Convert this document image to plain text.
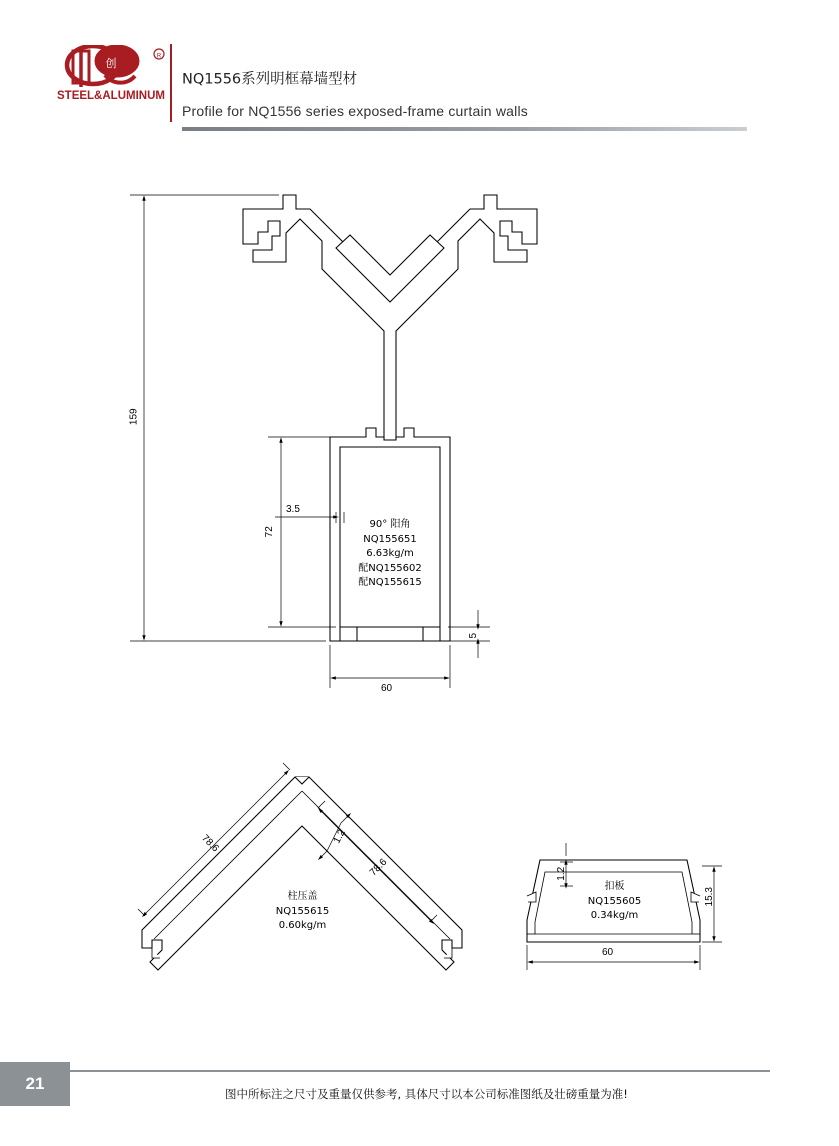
创
R
STEEL&ALUMINUM
NQ1556系列明框幕墙型材
Profile for NQ1556 series exposed-frame curtain walls
159
72
3.5
5
60
90° 阳角
NQ155651
6.63kg/m
配NQ155602
配NQ155615
78.6
78.6
1.2
柱压盖
NQ155615
0.60kg/m
1.2
15.3
60
扣板
NQ155605
0.34kg/m
21
图中所标注之尺寸及重量仅供参考, 具体尺寸以本公司标准图纸及壮磅重量为准!
